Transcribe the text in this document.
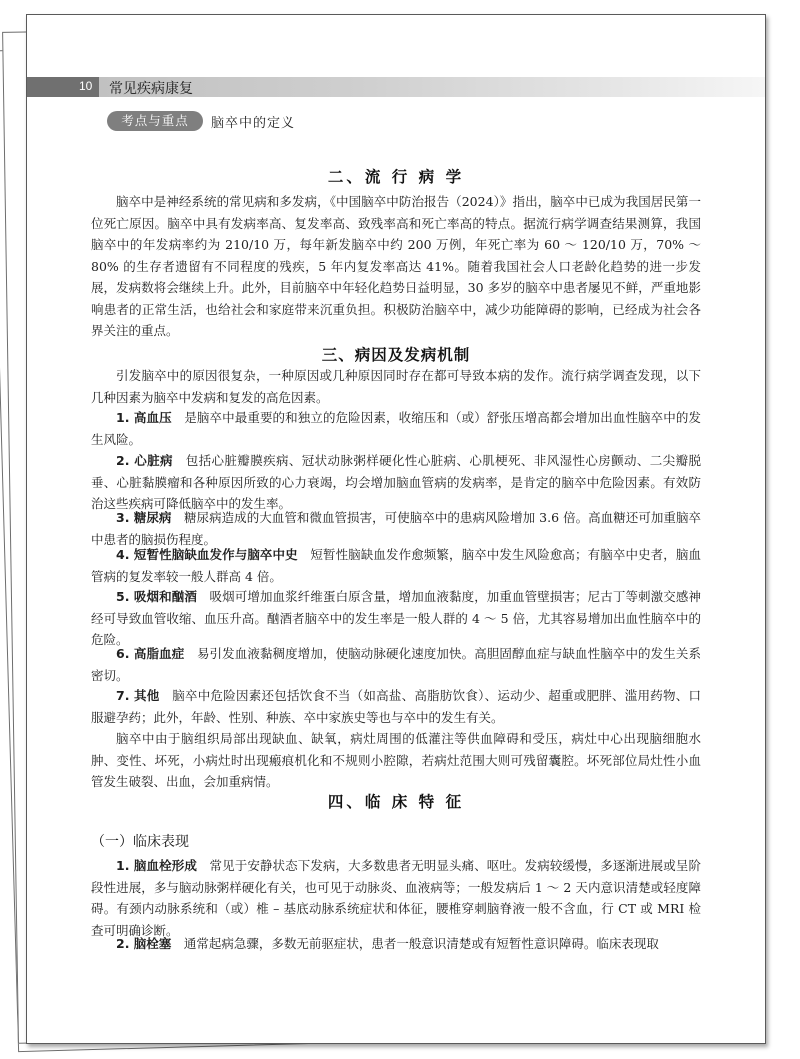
10 常见疾病康复
考点与重点	脑卒中的定义
二、流 行 病 学
脑卒中是神经系统的常见病和多发病，《中国脑卒中防治报告（2024）》指出，脑卒中已成为我国居民第一位死亡原因。脑卒中具有发病率高、复发率高、致残率高和死亡率高的特点。据流行病学调查结果测算，我国脑卒中的年发病率约为 210/10 万，每年新发脑卒中约 200 万例，年死亡率为 60 ～ 120/10 万，70% ～ 80% 的生存者遗留有不同程度的残疾，5 年内复发率高达 41%。随着我国社会人口老龄化趋势的进一步发展，发病数将会继续上升。此外，目前脑卒中年轻化趋势日益明显，30 多岁的脑卒中患者屡见不鲜，严重地影响患者的正常生活，也给社会和家庭带来沉重负担。积极防治脑卒中，减少功能障碍的影响，已经成为社会各界关注的重点。
三、病因及发病机制
引发脑卒中的原因很复杂，一种原因或几种原因同时存在都可导致本病的发作。流行病学调查发现，以下几种因素为脑卒中发病和复发的高危因素。
1. 高血压　 是脑卒中最重要的和独立的危险因素，收缩压和（或）舒张压增高都会增加出血性脑卒中的发生风险。
2. 心脏病　 包括心脏瓣膜疾病、冠状动脉粥样硬化性心脏病、心肌梗死、非风湿性心房颤动、二尖瓣脱垂、心脏黏膜瘤和各种原因所致的心力衰竭，均会增加脑血管病的发病率，是肯定的脑卒中危险因素。有效防治这些疾病可降低脑卒中的发生率。
3. 糖尿病　 糖尿病造成的大血管和微血管损害，可使脑卒中的患病风险增加 3.6 倍。高血糖还可加重脑卒中患者的脑损伤程度。
4. 短暂性脑缺血发作与脑卒中史　 短暂性脑缺血发作愈频繁，脑卒中发生风险愈高；有脑卒中史者，脑血管病的复发率较一般人群高 4 倍。
5. 吸烟和酗酒　 吸烟可增加血浆纤维蛋白原含量，增加血液黏度，加重血管壁损害；尼古丁等刺激交感神经可导致血管收缩、血压升高。酗酒者脑卒中的发生率是一般人群的 4 ～ 5 倍，尤其容易增加出血性脑卒中的危险。
6. 高脂血症　 易引发血液黏稠度增加，使脑动脉硬化速度加快。高胆固醇血症与缺血性脑卒中的发生关系密切。
7. 其他　 脑卒中危险因素还包括饮食不当（如高盐、高脂肪饮食）、运动少、超重或肥胖、滥用药物、口服避孕药；此外，年龄、性别、种族、卒中家族史等也与卒中的发生有关。
脑卒中由于脑组织局部出现缺血、缺氧，病灶周围的低灌注等供血障碍和受压，病灶中心出现脑细胞水肿、变性、坏死，小病灶时出现瘢痕机化和不规则小腔隙，若病灶范围大则可残留囊腔。坏死部位局灶性小血管发生破裂、出血，会加重病情。
四、临 床 特 征
（一）临床表现
1. 脑血栓形成　 常见于安静状态下发病，大多数患者无明显头痛、呕吐。发病较缓慢，多逐渐进展或呈阶段性进展，多与脑动脉粥样硬化有关，也可见于动脉炎、血液病等；一般发病后 1 ～ 2 天内意识清楚或轻度障碍。有颈内动脉系统和（或）椎 – 基底动脉系统症状和体征，腰椎穿刺脑脊液一般不含血，行 CT 或 MRI 检查可明确诊断。
2. 脑栓塞　 通常起病急骤，多数无前驱症状，患者一般意识清楚或有短暂性意识障碍。临床表现取
